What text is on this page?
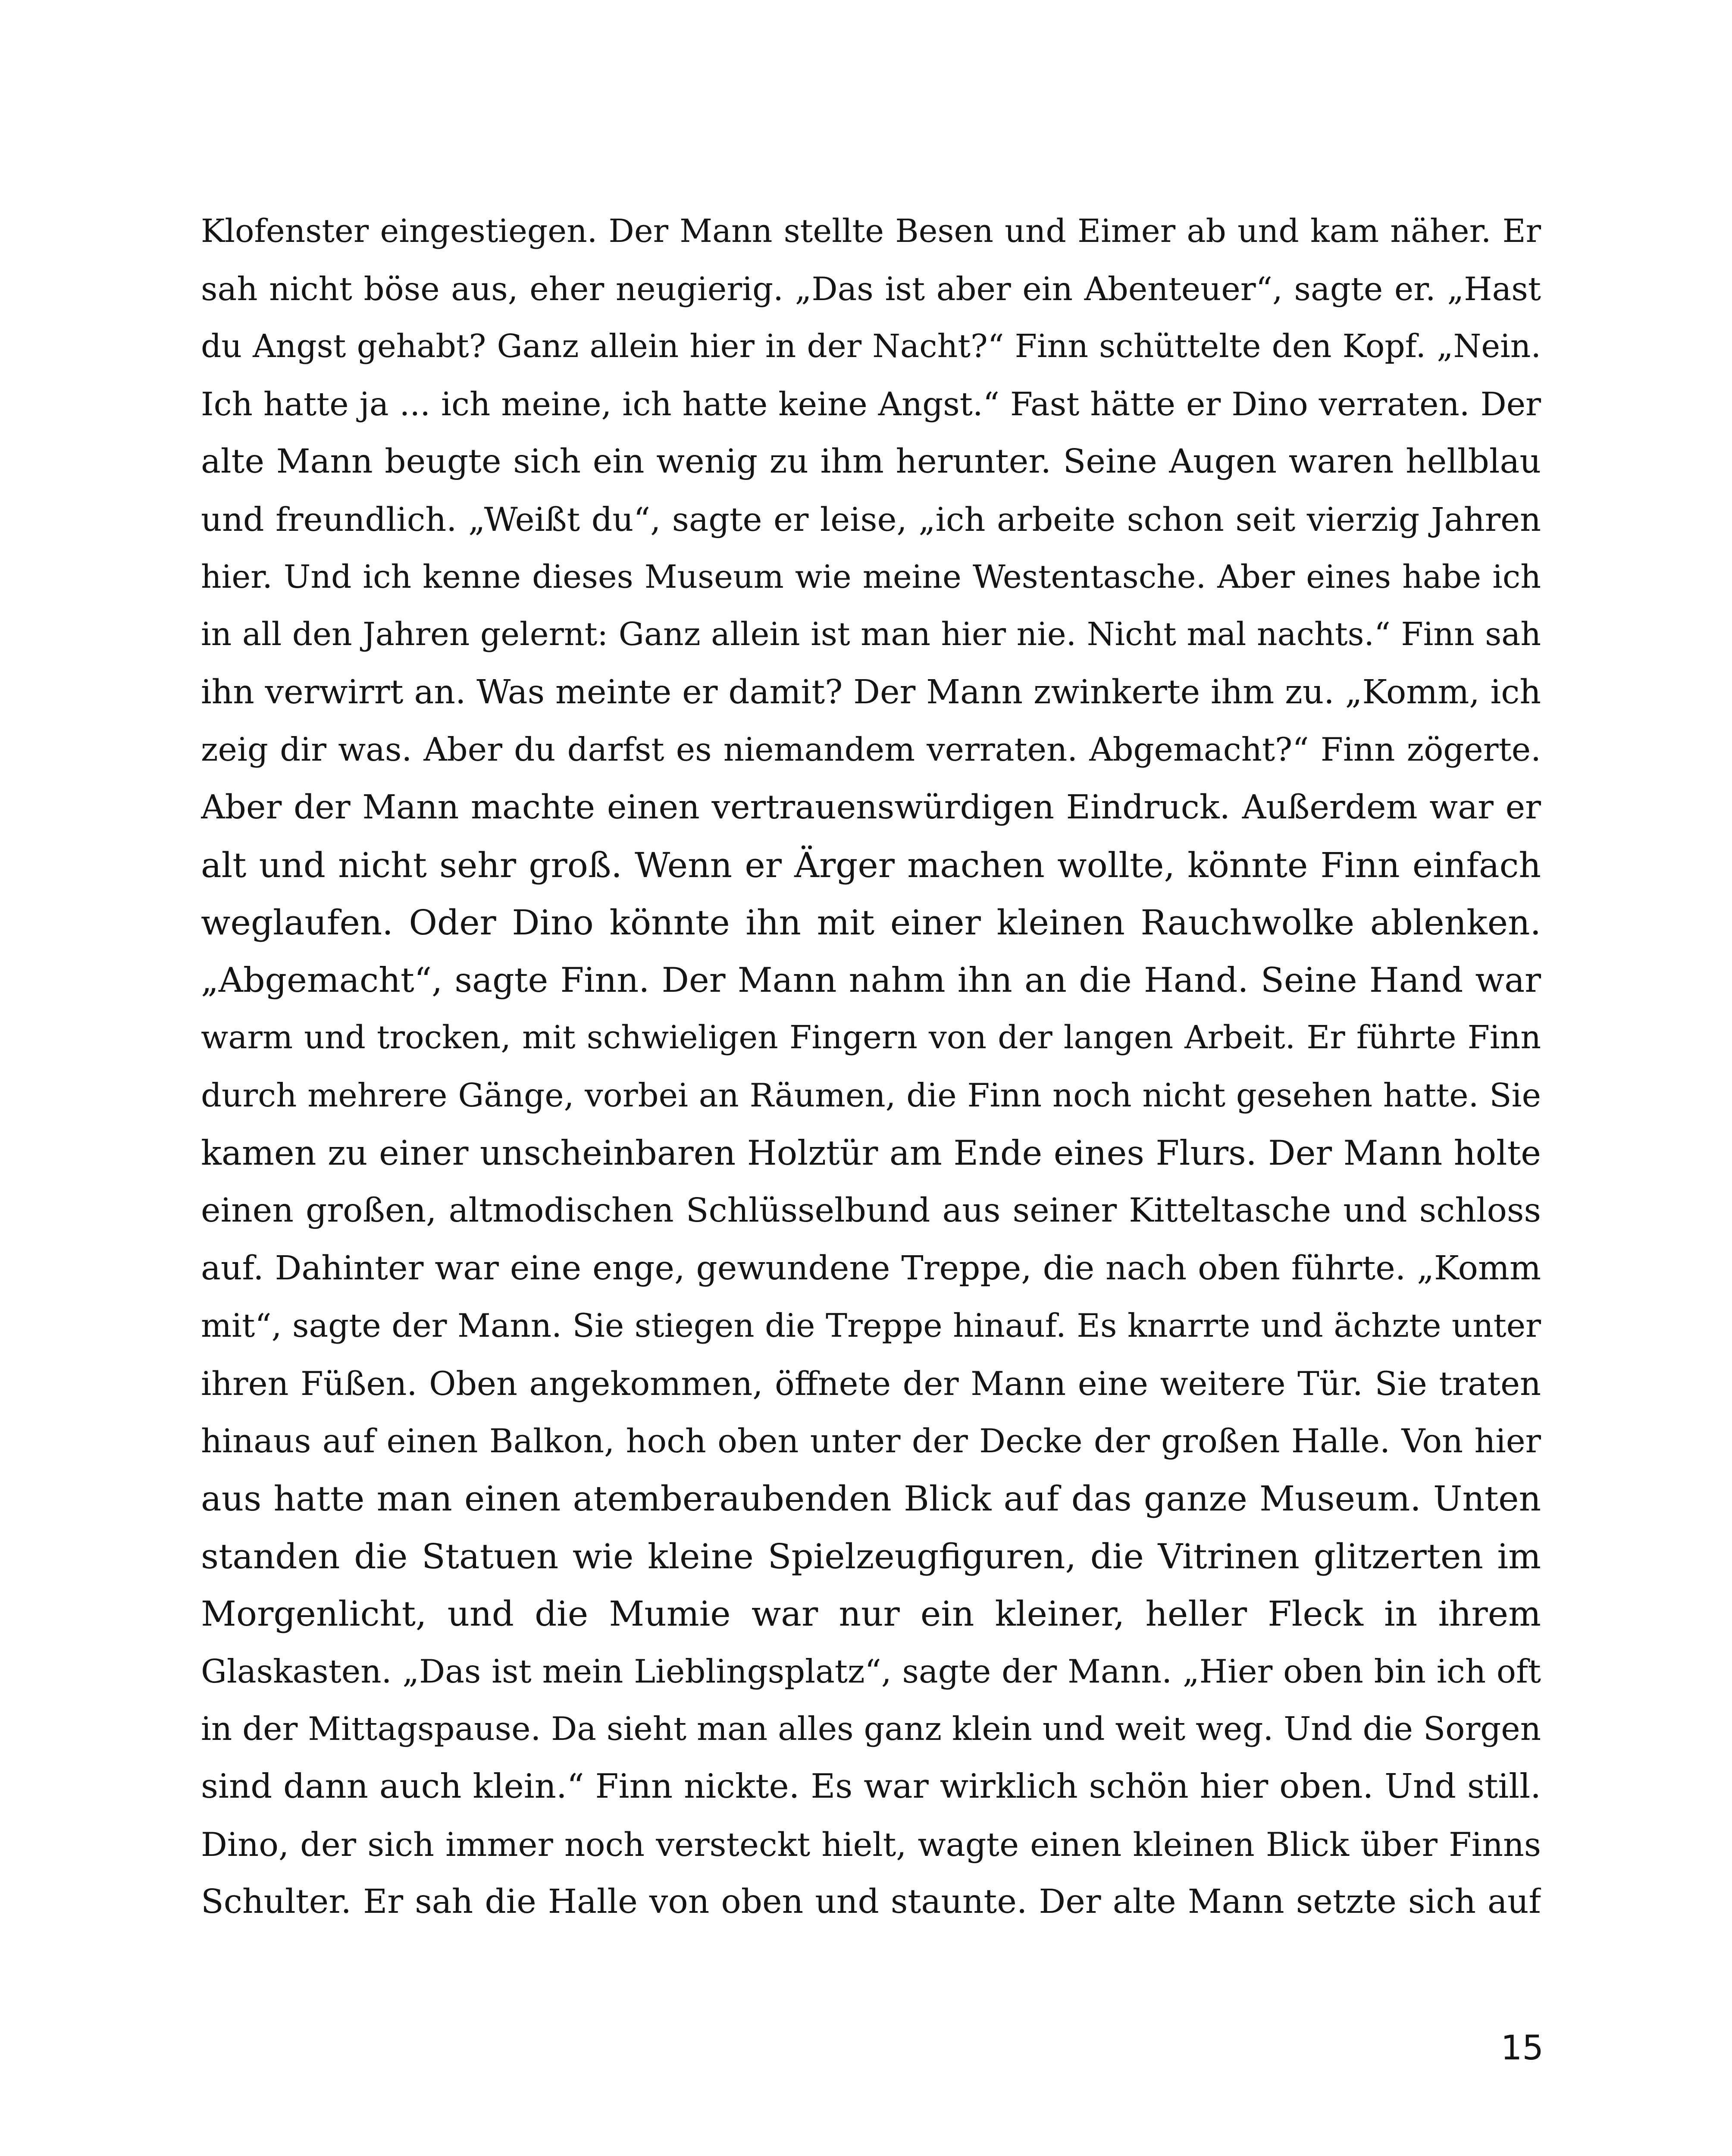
Klofenster eingestiegen. Der Mann stellte Besen und Eimer ab und kam näher. Er
sah nicht böse aus, eher neugierig. „Das ist aber ein Abenteuer“, sagte er. „Hast
du Angst gehabt? Ganz allein hier in der Nacht?“ Finn schüttelte den Kopf. „Nein.
Ich hatte ja ... ich meine, ich hatte keine Angst.“ Fast hätte er Dino verraten. Der
alte Mann beugte sich ein wenig zu ihm herunter. Seine Augen waren hellblau
und freundlich. „Weißt du“, sagte er leise, „ich arbeite schon seit vierzig Jahren
hier. Und ich kenne dieses Museum wie meine Westentasche. Aber eines habe ich
in all den Jahren gelernt: Ganz allein ist man hier nie. Nicht mal nachts.“ Finn sah
ihn verwirrt an. Was meinte er damit? Der Mann zwinkerte ihm zu. „Komm, ich
zeig dir was. Aber du darfst es niemandem verraten. Abgemacht?“ Finn zögerte.
Aber der Mann machte einen vertrauenswürdigen Eindruck. Außerdem war er
alt und nicht sehr groß. Wenn er Ärger machen wollte, könnte Finn einfach
weglaufen. Oder Dino könnte ihn mit einer kleinen Rauchwolke ablenken.
„Abgemacht“, sagte Finn. Der Mann nahm ihn an die Hand. Seine Hand war
warm und trocken, mit schwieligen Fingern von der langen Arbeit. Er führte Finn
durch mehrere Gänge, vorbei an Räumen, die Finn noch nicht gesehen hatte. Sie
kamen zu einer unscheinbaren Holztür am Ende eines Flurs. Der Mann holte
einen großen, altmodischen Schlüsselbund aus seiner Kitteltasche und schloss
auf. Dahinter war eine enge, gewundene Treppe, die nach oben führte. „Komm
mit“, sagte der Mann. Sie stiegen die Treppe hinauf. Es knarrte und ächzte unter
ihren Füßen. Oben angekommen, öffnete der Mann eine weitere Tür. Sie traten
hinaus auf einen Balkon, hoch oben unter der Decke der großen Halle. Von hier
aus hatte man einen atemberaubenden Blick auf das ganze Museum. Unten
standen die Statuen wie kleine Spielzeugfiguren, die Vitrinen glitzerten im
Morgenlicht, und die Mumie war nur ein kleiner, heller Fleck in ihrem
Glaskasten. „Das ist mein Lieblingsplatz“, sagte der Mann. „Hier oben bin ich oft
in der Mittagspause. Da sieht man alles ganz klein und weit weg. Und die Sorgen
sind dann auch klein.“ Finn nickte. Es war wirklich schön hier oben. Und still.
Dino, der sich immer noch versteckt hielt, wagte einen kleinen Blick über Finns
Schulter. Er sah die Halle von oben und staunte. Der alte Mann setzte sich auf
15
